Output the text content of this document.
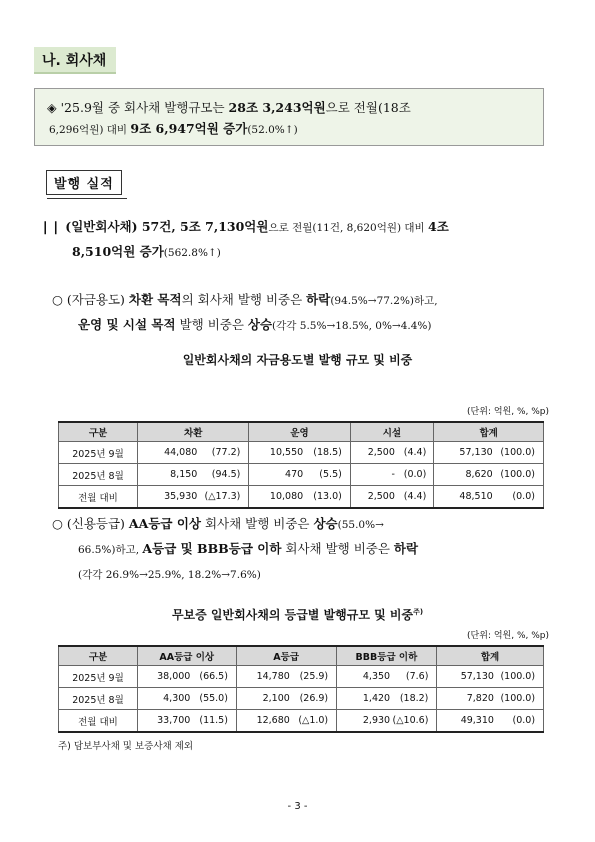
나. 회사채
◈ '25.9월 중 회사채 발행규모는 28조 3,243억원으로 전월(18조
6,296억원) 대비 9조 6,947억원 증가(52.0%↑)
발행 실적
❘❘ (일반회사채) 57건, 5조 7,130억원으로 전월(11건, 8,620억원) 대비 4조
8,510억원 증가(562.8%↑)
○ (자금용도) 차환 목적의 회사채 발행 비중은 하락(94.5%→77.2%)하고,
운영 및 시설 목적 발행 비중은 상승(각각 5.5%→18.5%, 0%→4.4%)
일반회사채의 자금용도별 발행 규모 및 비중
(단위: 억원, %, %p)
구분	차환	운영	시설	합계
2025년 9월	44,080 (77.2)	10,550 (18.5)	2,500 (4.4)	57,130 (100.0)
2025년 8월	8,150 (94.5)	470 (5.5)	- (0.0)	8,620 (100.0)
전월 대비	35,930 (△17.3)	10,080 (13.0)	2,500 (4.4)	48,510 (0.0)
○ (신용등급) AA등급 이상 회사채 발행 비중은 상승(55.0%→
66.5%)하고, A등급 및 BBB등급 이하 회사채 발행 비중은 하락
(각각 26.9%→25.9%, 18.2%→7.6%)
무보증 일반회사채의 등급별 발행규모 및 비중$^{주)}$
(단위: 억원, %, %p)
구분	AA등급 이상	A등급	BBB등급 이하	합계
2025년 9월	38,000 (66.5)	14,780 (25.9)	4,350 (7.6)	57,130 (100.0)
2025년 8월	4,300 (55.0)	2,100 (26.9)	1,420 (18.2)	7,820 (100.0)
전월 대비	33,700 (11.5)	12,680 (△1.0)	2,930 (△10.6)	49,310 (0.0)
주) 담보부사채 및 보증사채 제외
- 3 -
